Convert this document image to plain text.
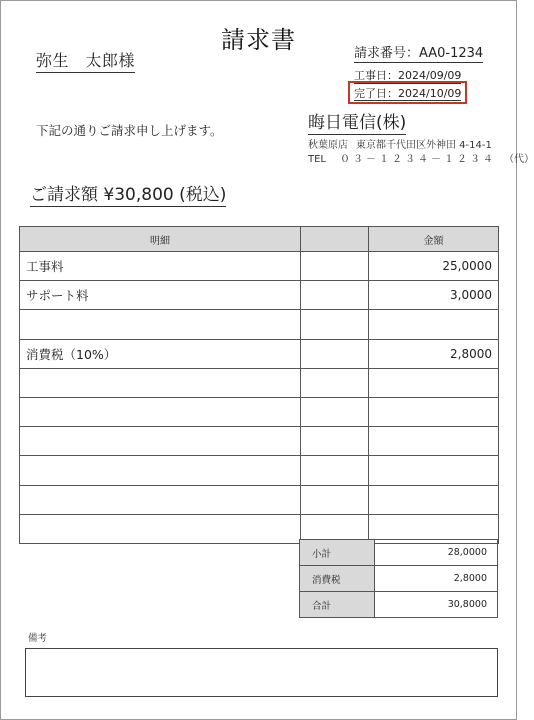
請求書
弥生　太郎様	請求番号：AA0-1234
工事日：2024/09/09
完了日：2024/10/09
下記の通りご請求申し上げます。	晦日電信(株)
秋葉原店 東京都千代田区外神田 4-14-1
TEL ０３－１２３４－１２３４ （代）
ご請求額 ¥30,800 (税込)
明細		金額
工事料		25,0000
サポート料		3,0000

消費税（10%）		2,8000

小計	28,0000
消費税	2,8000
合計	30,8000
備考
